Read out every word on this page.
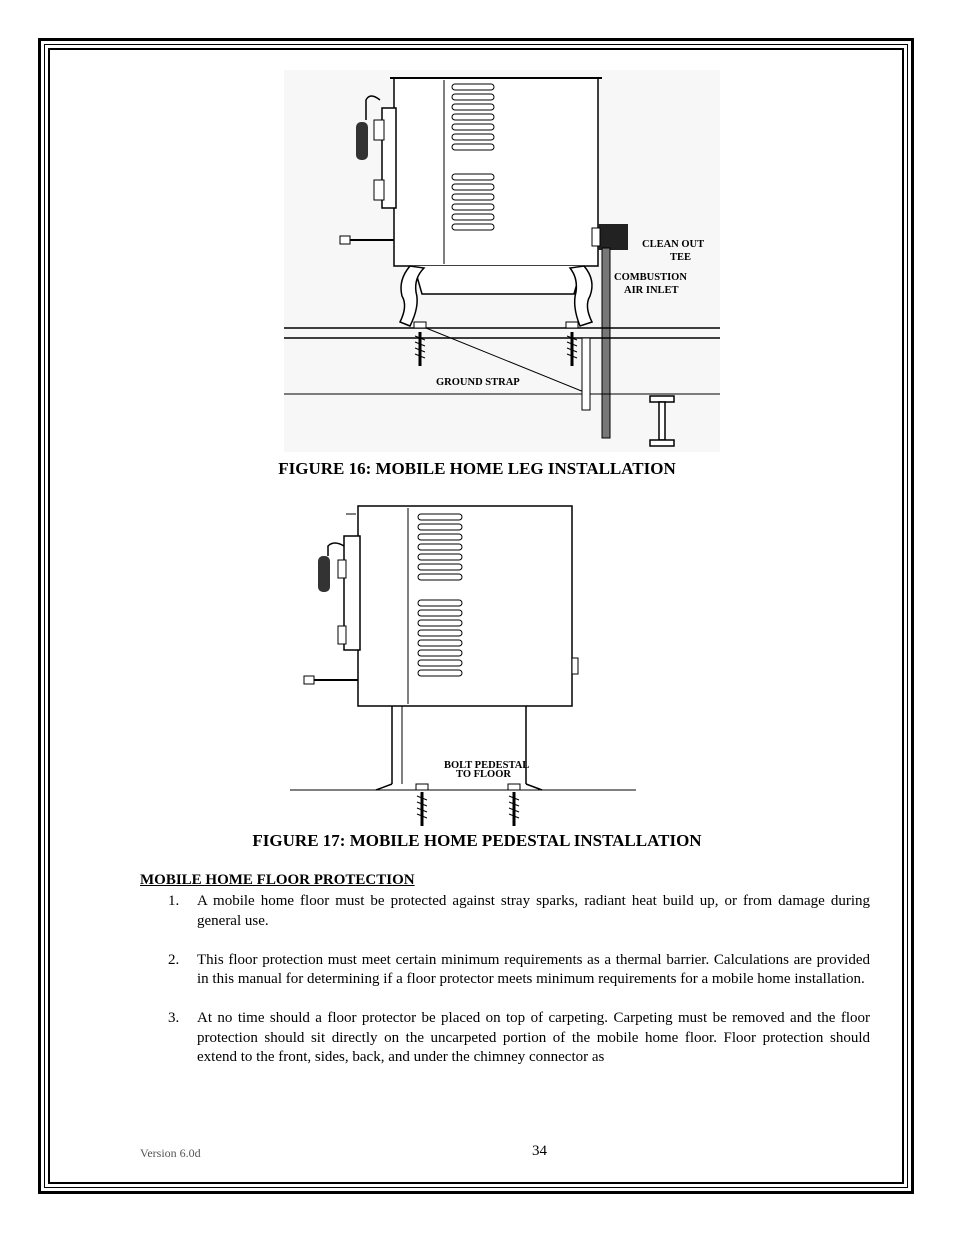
CLEAN OUT
TEE
COMBUSTION
AIR INLET
GROUND STRAP
FIGURE 16: MOBILE HOME LEG INSTALLATION
BOLT PEDESTAL
TO FLOOR
FIGURE 17: MOBILE HOME PEDESTAL INSTALLATION
MOBILE HOME FLOOR PROTECTION
1. A mobile home floor must be protected against stray sparks, radiant heat build up, or from damage during general use.
2. This floor protection must meet certain minimum requirements as a thermal barrier. Calculations are provided in this manual for determining if a floor protector meets minimum requirements for a mobile home installation.
3. At no time should a floor protector be placed on top of carpeting. Carpeting must be removed and the floor protection should sit directly on the uncarpeted portion of the mobile home floor. Floor protection should extend to the front, sides, back, and under the chimney connector as
Version 6.0d	34
